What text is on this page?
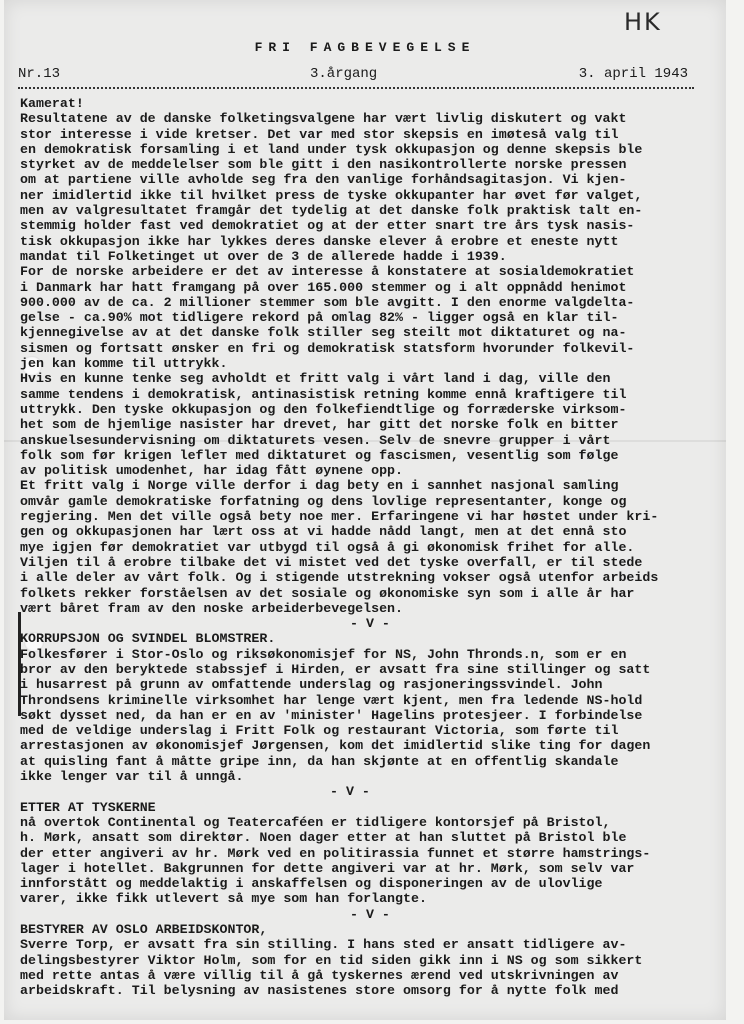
HK
FRI FAGBEVEGELSE
Nr.13	3.årgang	3. april 1943
Kamerat!
Resultatene av de danske folketingsvalgene har vært livlig diskutert og vakt
stor interesse i vide kretser. Det var med stor skepsis en imøteså valg til
en demokratisk forsamling i et land under tysk okkupasjon og denne skepsis ble
styrket av de meddelelser som ble gitt i den nasikontrollerte norske pressen
om at partiene ville avholde seg fra den vanlige forhåndsagitasjon. Vi kjen-
ner imidlertid ikke til hvilket press de tyske okkupanter har øvet før valget,
men av valgresultatet framgår det tydelig at det danske folk praktisk talt en-
stemmig holder fast ved demokratiet og at der etter snart tre års tysk nasis-
tisk okkupasjon ikke har lykkes deres danske elever å erobre et eneste nytt
mandat til Folketinget ut over de 3 de allerede hadde i 1939.
For de norske arbeidere er det av interesse å konstatere at sosialdemokratiet
i Danmark har hatt framgang på over 165.000 stemmer og i alt oppnådd henimot
900.000 av de ca. 2 millioner stemmer som ble avgitt. I den enorme valgdelta-
gelse - ca.90% mot tidligere rekord på omlag 82% - ligger også en klar til-
kjennegivelse av at det danske folk stiller seg steilt mot diktaturet og na-
sismen og fortsatt ønsker en fri og demokratisk statsform hvorunder folkevil-
jen kan komme til uttrykk.
Hvis en kunne tenke seg avholdt et fritt valg i vårt land i dag, ville den
samme tendens i demokratisk, antinasistisk retning komme ennå kraftigere til
uttrykk. Den tyske okkupasjon og den folkefiendtlige og forræderske virksom-
het som de hjemlige nasister har drevet, har gitt det norske folk en bitter
anskuelsesundervisning om diktaturets vesen. Selv de snevre grupper i vårt
folk som før krigen lefleт med diktaturet og fascismen, vesentlig som følge
av politisk umodenhet, har idag fått øynene opp.
Et fritt valg i Norge ville derfor i dag bety en i sannhet nasjonal samling
omvår gamle demokratiske forfatning og dens lovlige representanter, konge og
regjering. Men det ville også bety noe mer. Erfaringene vi har høstet under kri-
gen og okkupasjonen har lært oss at vi hadde nådd langt, men at det ennå sto
mye igjen før demokratiet var utbygd til også å gi økonomisk frihet for alle.
Viljen til å erobre tilbake det vi mistet ved det tyske overfall, er til stede
i alle deler av vårt folk. Og i stigende utstrekning vokser også utenfor arbeids
folkets rekker forståelsen av det sosiale og økonomiske syn som i alle år har
vært båret fram av den noske arbeiderbevegelsen.
- V -
KORRUPSJON OG SVINDEL BLOMSTRER.
Folkesfører i Stor-Oslo og riksøkonomisjef for NS, John Thronds.n, som er en
bror av den beryktede stabssjef i Hirden, er avsatt fra sine stillinger og satt
i husarrest på grunn av omfattende underslag og rasjoneringssvindel. John
Throndsens kriminelle virksomhet har lenge vært kjent, men fra ledende NS-hold
søkt dysset ned, da han er en av 'minister' Hagelins protesjeer. I forbindelse
med de veldige underslag i Fritt Folk og restaurant Victoria, som førte til
arrestasjonen av økonomisjef Jørgensen, kom det imidlertid slike ting for dagen
at quisling fant å måtte gripe inn, da han skjønte at en offentlig skandale
ikke lenger var til å unngå.
- V -
ETTER AT TYSKERNE
nå overtok Continental og Teatercaféen er tidligere kontorsjef på Bristol,
h. Mørk, ansatt som direktør. Noen dager etter at han sluttet på Bristol ble
der etter angiveri av hr. Mørk ved en politirassia funnet et større hamstrings-
lager i hotellet. Bakgrunnen for dette angiveri var at hr. Mørk, som selv var
innforstått og meddelaktig i anskaffelsen og disponeringen av de ulovlige
varer, ikke fikk utlevert så mye som han forlangte.
- V -
BESTYRER AV OSLO ARBEIDSKONTOR,
Sverre Torp, er avsatt fra sin stilling. I hans sted er ansatt tidligere av-
delingsbestyrer Viktor Holm, som for en tid siden gikk inn i NS og som sikkert
med rette antas å være villig til å gå tyskernes ærend ved utskrivningen av
arbeidskraft. Til belysning av nasistenes store omsorg for å nytte folk med
